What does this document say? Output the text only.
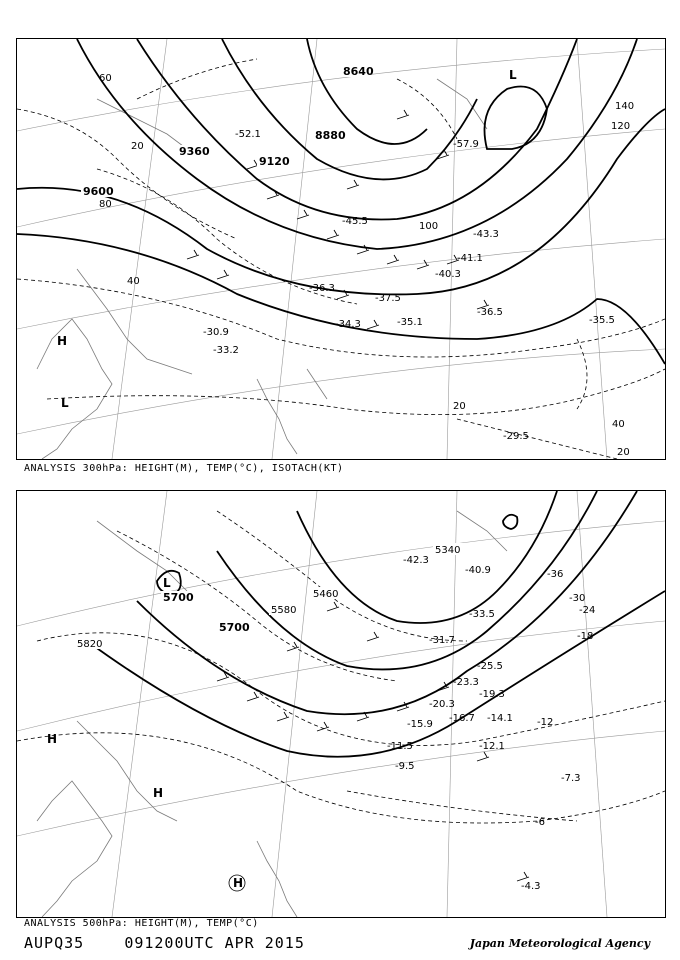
-37.5
-35.1
-36.5
-34.3
-36.3
-40.3
-41.1
-45.5
-43.3
-57.9
-52.1
-29.5
-35.5
-30.9
-33.2
9600
9360
9120
8880
8640
60
80
40
20
100
120
140
40
20
20
H
L
L
ANALYSIS 300hPa: HEIGHT(M), TEMP(°C), ISOTACH(KT)
-31.7
-33.5
-25.5
-23.3
-19.3
-14.1
-16.7
-12.1
-9.5
-7.3
-4.3
-11.5
-15.9
-20.3
-40.9
-42.3
5820
5700
5700
5580
5460
5340
-36
-30
-24
-18
-12
-6
H
H
L
H
ANALYSIS 500hPa: HEIGHT(M), TEMP(°C)
AUPQ35	091200UTC APR 2015	Japan Meteorological Agency
